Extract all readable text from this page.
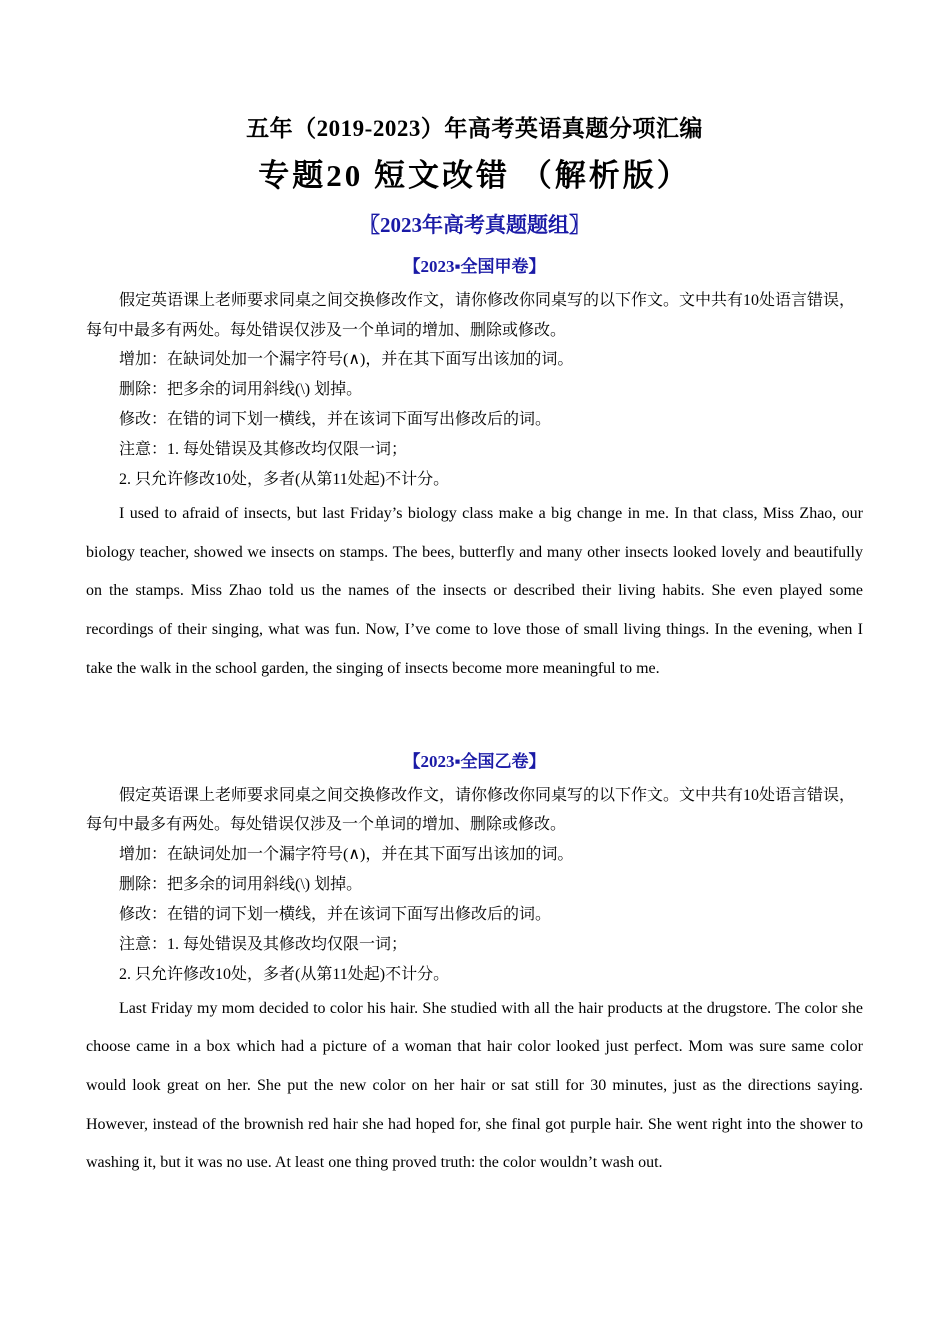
五年（2019-2023）年高考英语真题分项汇编
专题20 短文改错 （解析版）
〖2023年高考真题题组〗
【2023▪全国甲卷】

假定英语课上老师要求同桌之间交换修改作文，请你修改你同桌写的以下作文。文中共有10处语言错误，每句中最多有两处。每处错误仅涉及一个单词的增加、删除或修改。

增加：在缺词处加一个漏字符号(∧)，并在其下面写出该加的词。

删除：把多余的词用斜线(\) 划掉。

修改：在错的词下划一横线，并在该词下面写出修改后的词。

注意：1. 每处错误及其修改均仅限一词；

2. 只允许修改10处，多者(从第11处起)不计分。

I used to afraid of insects, but last Friday’s biology class make a big change in me. In that class, Miss Zhao, our biology teacher, showed we insects on stamps. The bees, butterfly and many other insects looked lovely and beautifully on the stamps. Miss Zhao told us the names of the insects or described their living habits. She even played some recordings of their singing, what was fun. Now, I’ve come to love those of small living things. In the evening, when I take the walk in the school garden, the singing of insects become more meaningful to me.

【2023▪全国乙卷】

假定英语课上老师要求同桌之间交换修改作文，请你修改你同桌写的以下作文。文中共有10处语言错误，每句中最多有两处。每处错误仅涉及一个单词的增加、删除或修改。

增加：在缺词处加一个漏字符号(∧)，并在其下面写出该加的词。

删除：把多余的词用斜线(\) 划掉。

修改：在错的词下划一横线，并在该词下面写出修改后的词。

注意：1. 每处错误及其修改均仅限一词；

2. 只允许修改10处，多者(从第11处起)不计分。

Last Friday my mom decided to color his hair. She studied with all the hair products at the drugstore. The color she choose came in a box which had a picture of a woman that hair color looked just perfect. Mom was sure same color would look great on her. She put the new color on her hair or sat still for 30 minutes, just as the directions saying. However, instead of the brownish red hair she had hoped for, she final got purple hair. She went right into the shower to washing it, but it was no use. At least one thing proved truth: the color wouldn’t wash out.
